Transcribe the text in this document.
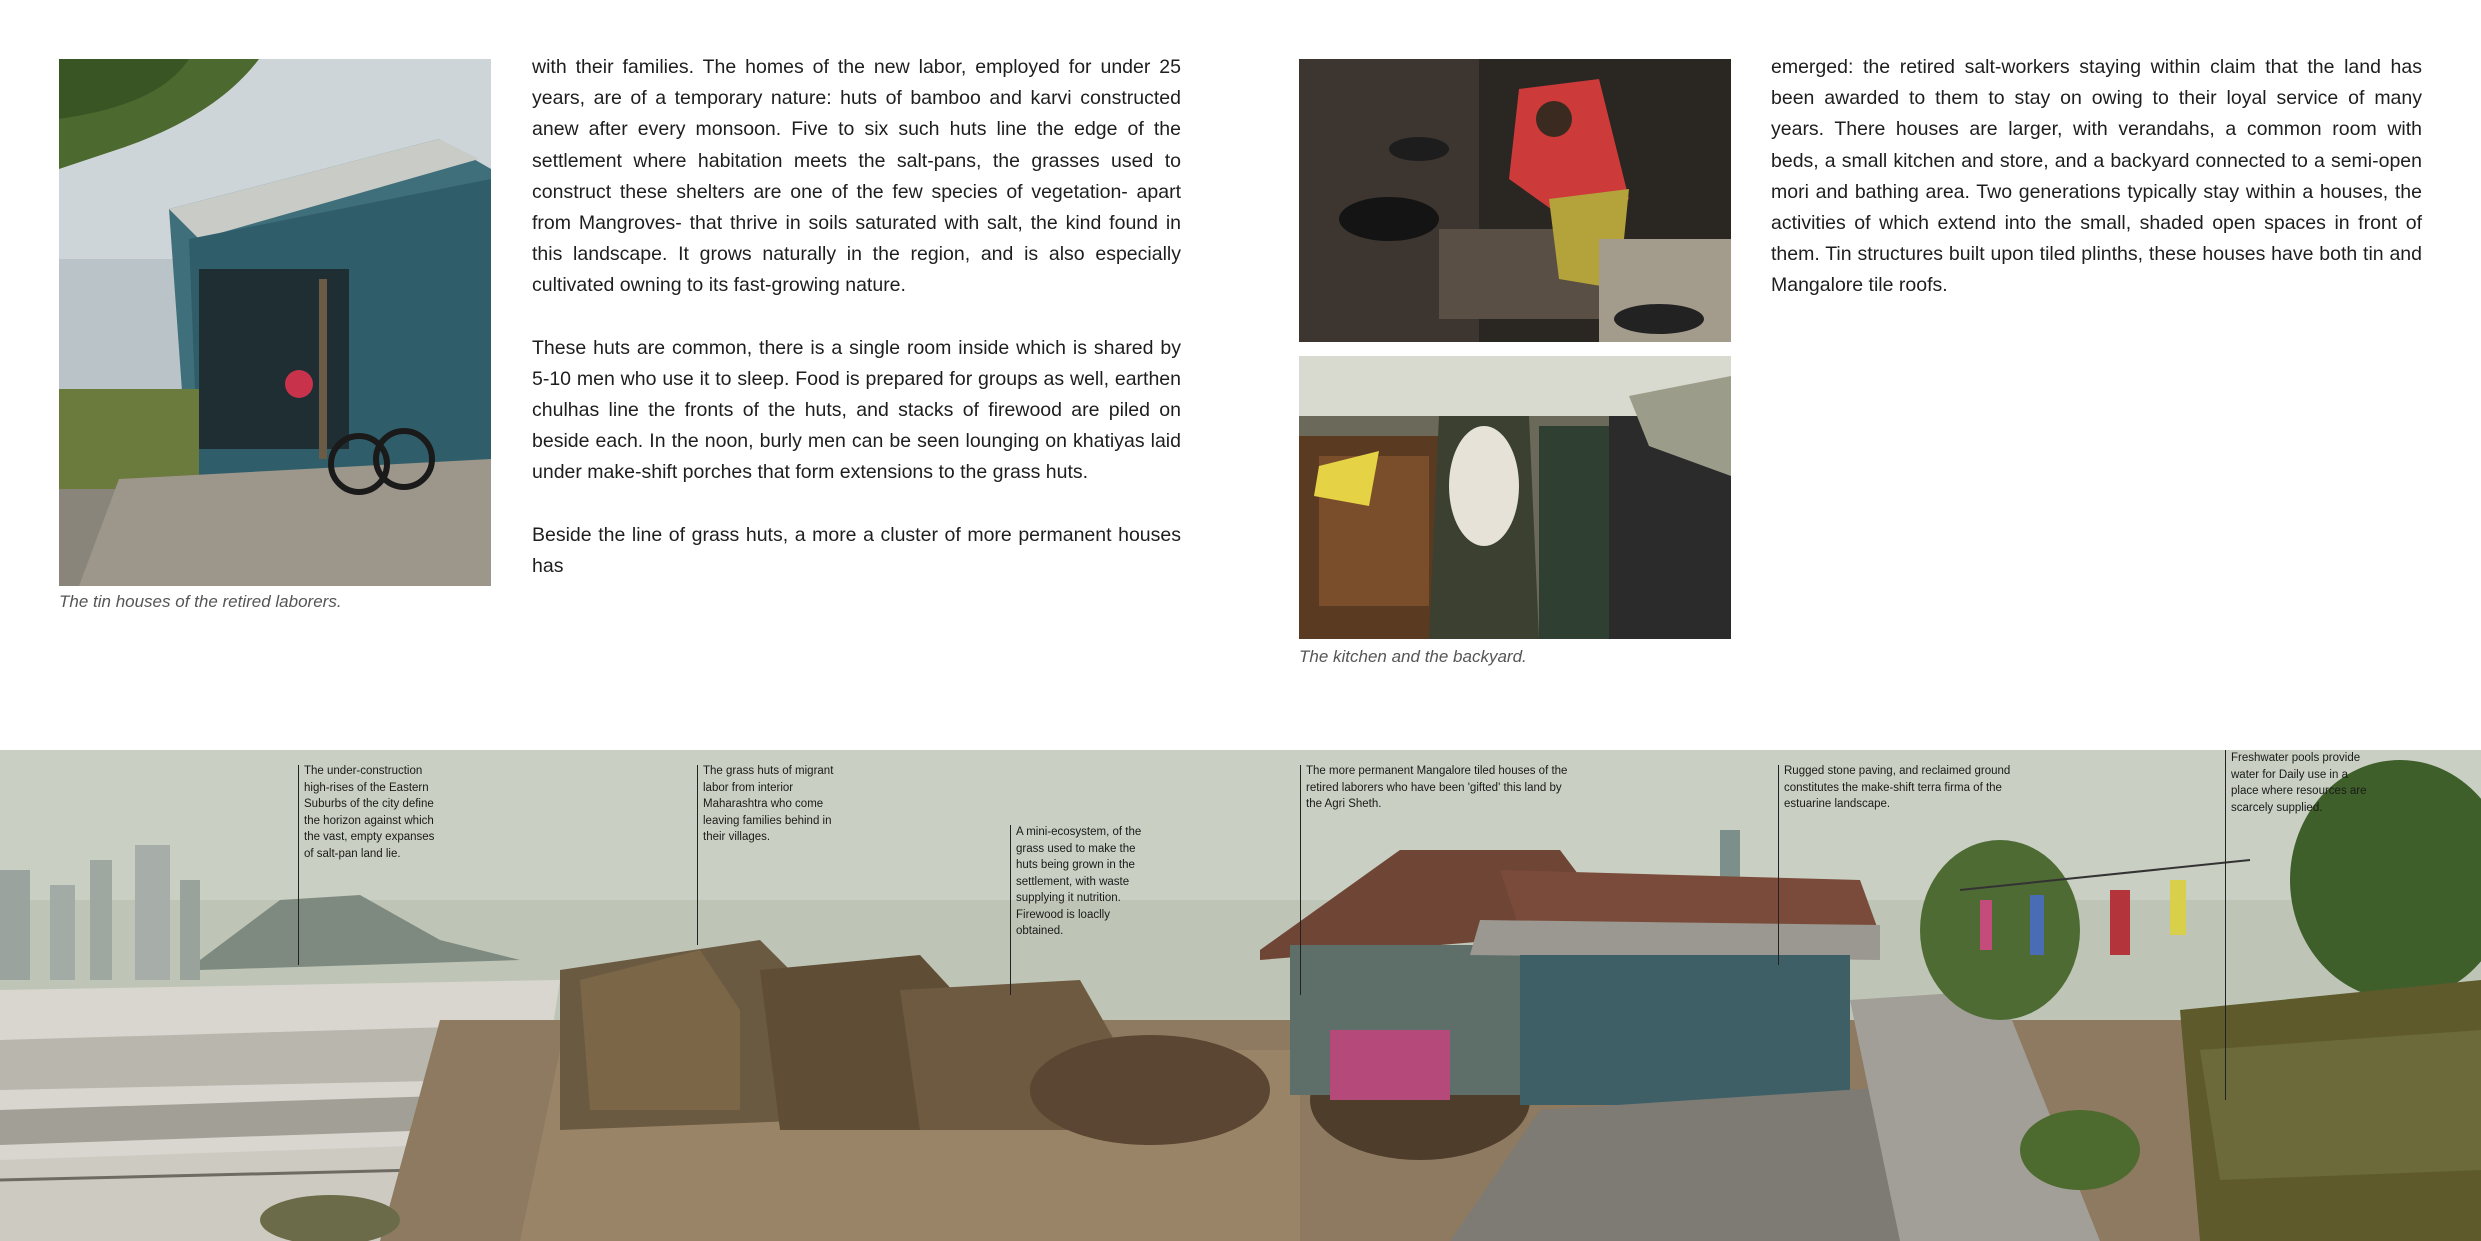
The tin houses of the retired laborers.

with their families. The homes of the new labor, employed for under 25 years, are of a temporary nature: huts of bamboo and karvi constructed anew after every monsoon. Five to six such huts line the edge of the settlement where habitation meets the salt-pans, the grasses used to construct these shelters are one of the few species of vegetation- apart from Mangroves- that thrive in soils saturated with salt, the kind found in this landscape. It grows naturally in the region, and is also especially cultivated owning to its fast-growing nature.

These huts are common, there is a single room inside which is shared by 5-10 men who use it to sleep. Food is prepared for groups as well, earthen chulhas line the fronts of the huts, and stacks of firewood are piled on beside each. In the noon, burly men can be seen lounging on khatiyas laid under make-shift porches that form extensions to the grass huts.

Beside the line of grass huts, a more a cluster of more permanent houses has

The kitchen and the backyard.

emerged: the retired salt-workers staying within claim that the land has been awarded to them to stay on owing to their loyal service of many years. There houses are larger, with verandahs, a common room with beds, a small kitchen and store, and a backyard connected to a semi-open mori and bathing area. Two generations typically stay within a houses, the activities of which extend into the small, shaded open spaces in front of them. Tin structures built upon tiled plinths, these houses have both tin and Mangalore tile roofs.

The under-construction high-rises of the Eastern Suburbs of the city define the horizon against which the vast, empty expanses of salt-pan land lie.
The grass huts of migrant labor from interior Maharashtra who come leaving families behind in their villages.	A mini-ecosystem, of the grass used to make the huts being grown in the settlement, with waste supplying it nutrition. Firewood is loaclly obtained.
The more permanent Mangalore tiled houses of the retired laborers who have been 'gifted' this land by the Agri Sheth.
Rugged stone paving, and reclaimed ground constitutes the make-shift terra firma of the estuarine landscape.
Freshwater pools provide water for Daily use in a place where resources are scarcely supplied.
